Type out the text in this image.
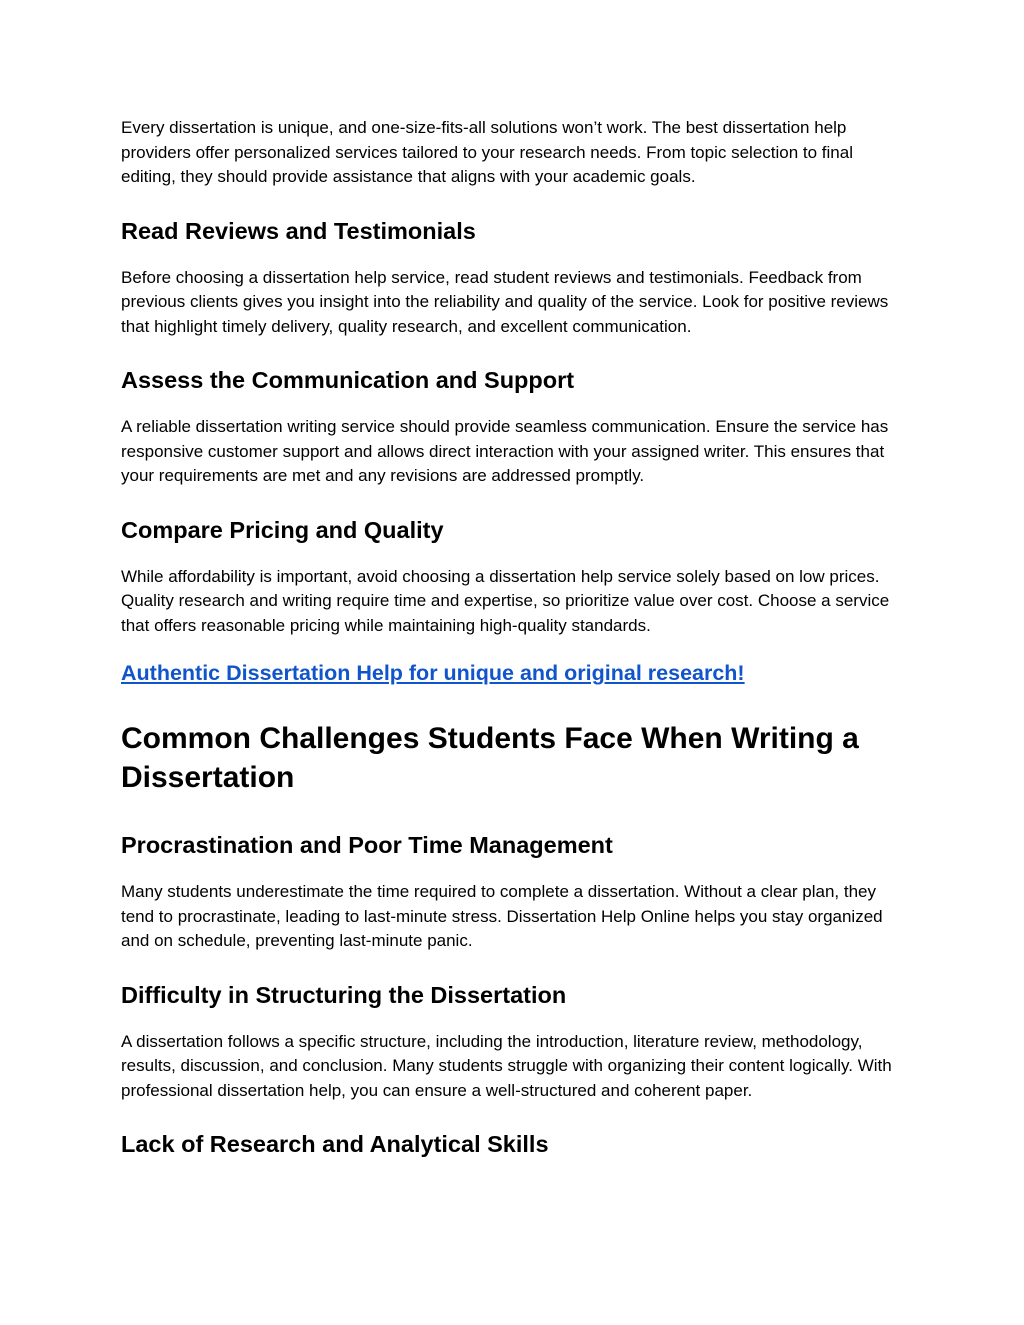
Every dissertation is unique, and one-size-fits-all solutions won’t work. The best dissertation help providers offer personalized services tailored to your research needs. From topic selection to final editing, they should provide assistance that aligns with your academic goals.

Read Reviews and Testimonials

Before choosing a dissertation help service, read student reviews and testimonials. Feedback from previous clients gives you insight into the reliability and quality of the service. Look for positive reviews that highlight timely delivery, quality research, and excellent communication.

Assess the Communication and Support

A reliable dissertation writing service should provide seamless communication. Ensure the service has responsive customer support and allows direct interaction with your assigned writer. This ensures that your requirements are met and any revisions are addressed promptly.

Compare Pricing and Quality

While affordability is important, avoid choosing a dissertation help service solely based on low prices. Quality research and writing require time and expertise, so prioritize value over cost. Choose a service that offers reasonable pricing while maintaining high-quality standards.

Authentic Dissertation Help for unique and original research!
Common Challenges Students Face When Writing a Dissertation
Procrastination and Poor Time Management

Many students underestimate the time required to complete a dissertation. Without a clear plan, they tend to procrastinate, leading to last-minute stress. Dissertation Help Online helps you stay organized and on schedule, preventing last-minute panic.

Difficulty in Structuring the Dissertation

A dissertation follows a specific structure, including the introduction, literature review, methodology, results, discussion, and conclusion. Many students struggle with organizing their content logically. With professional dissertation help, you can ensure a well-structured and coherent paper.

Lack of Research and Analytical Skills
